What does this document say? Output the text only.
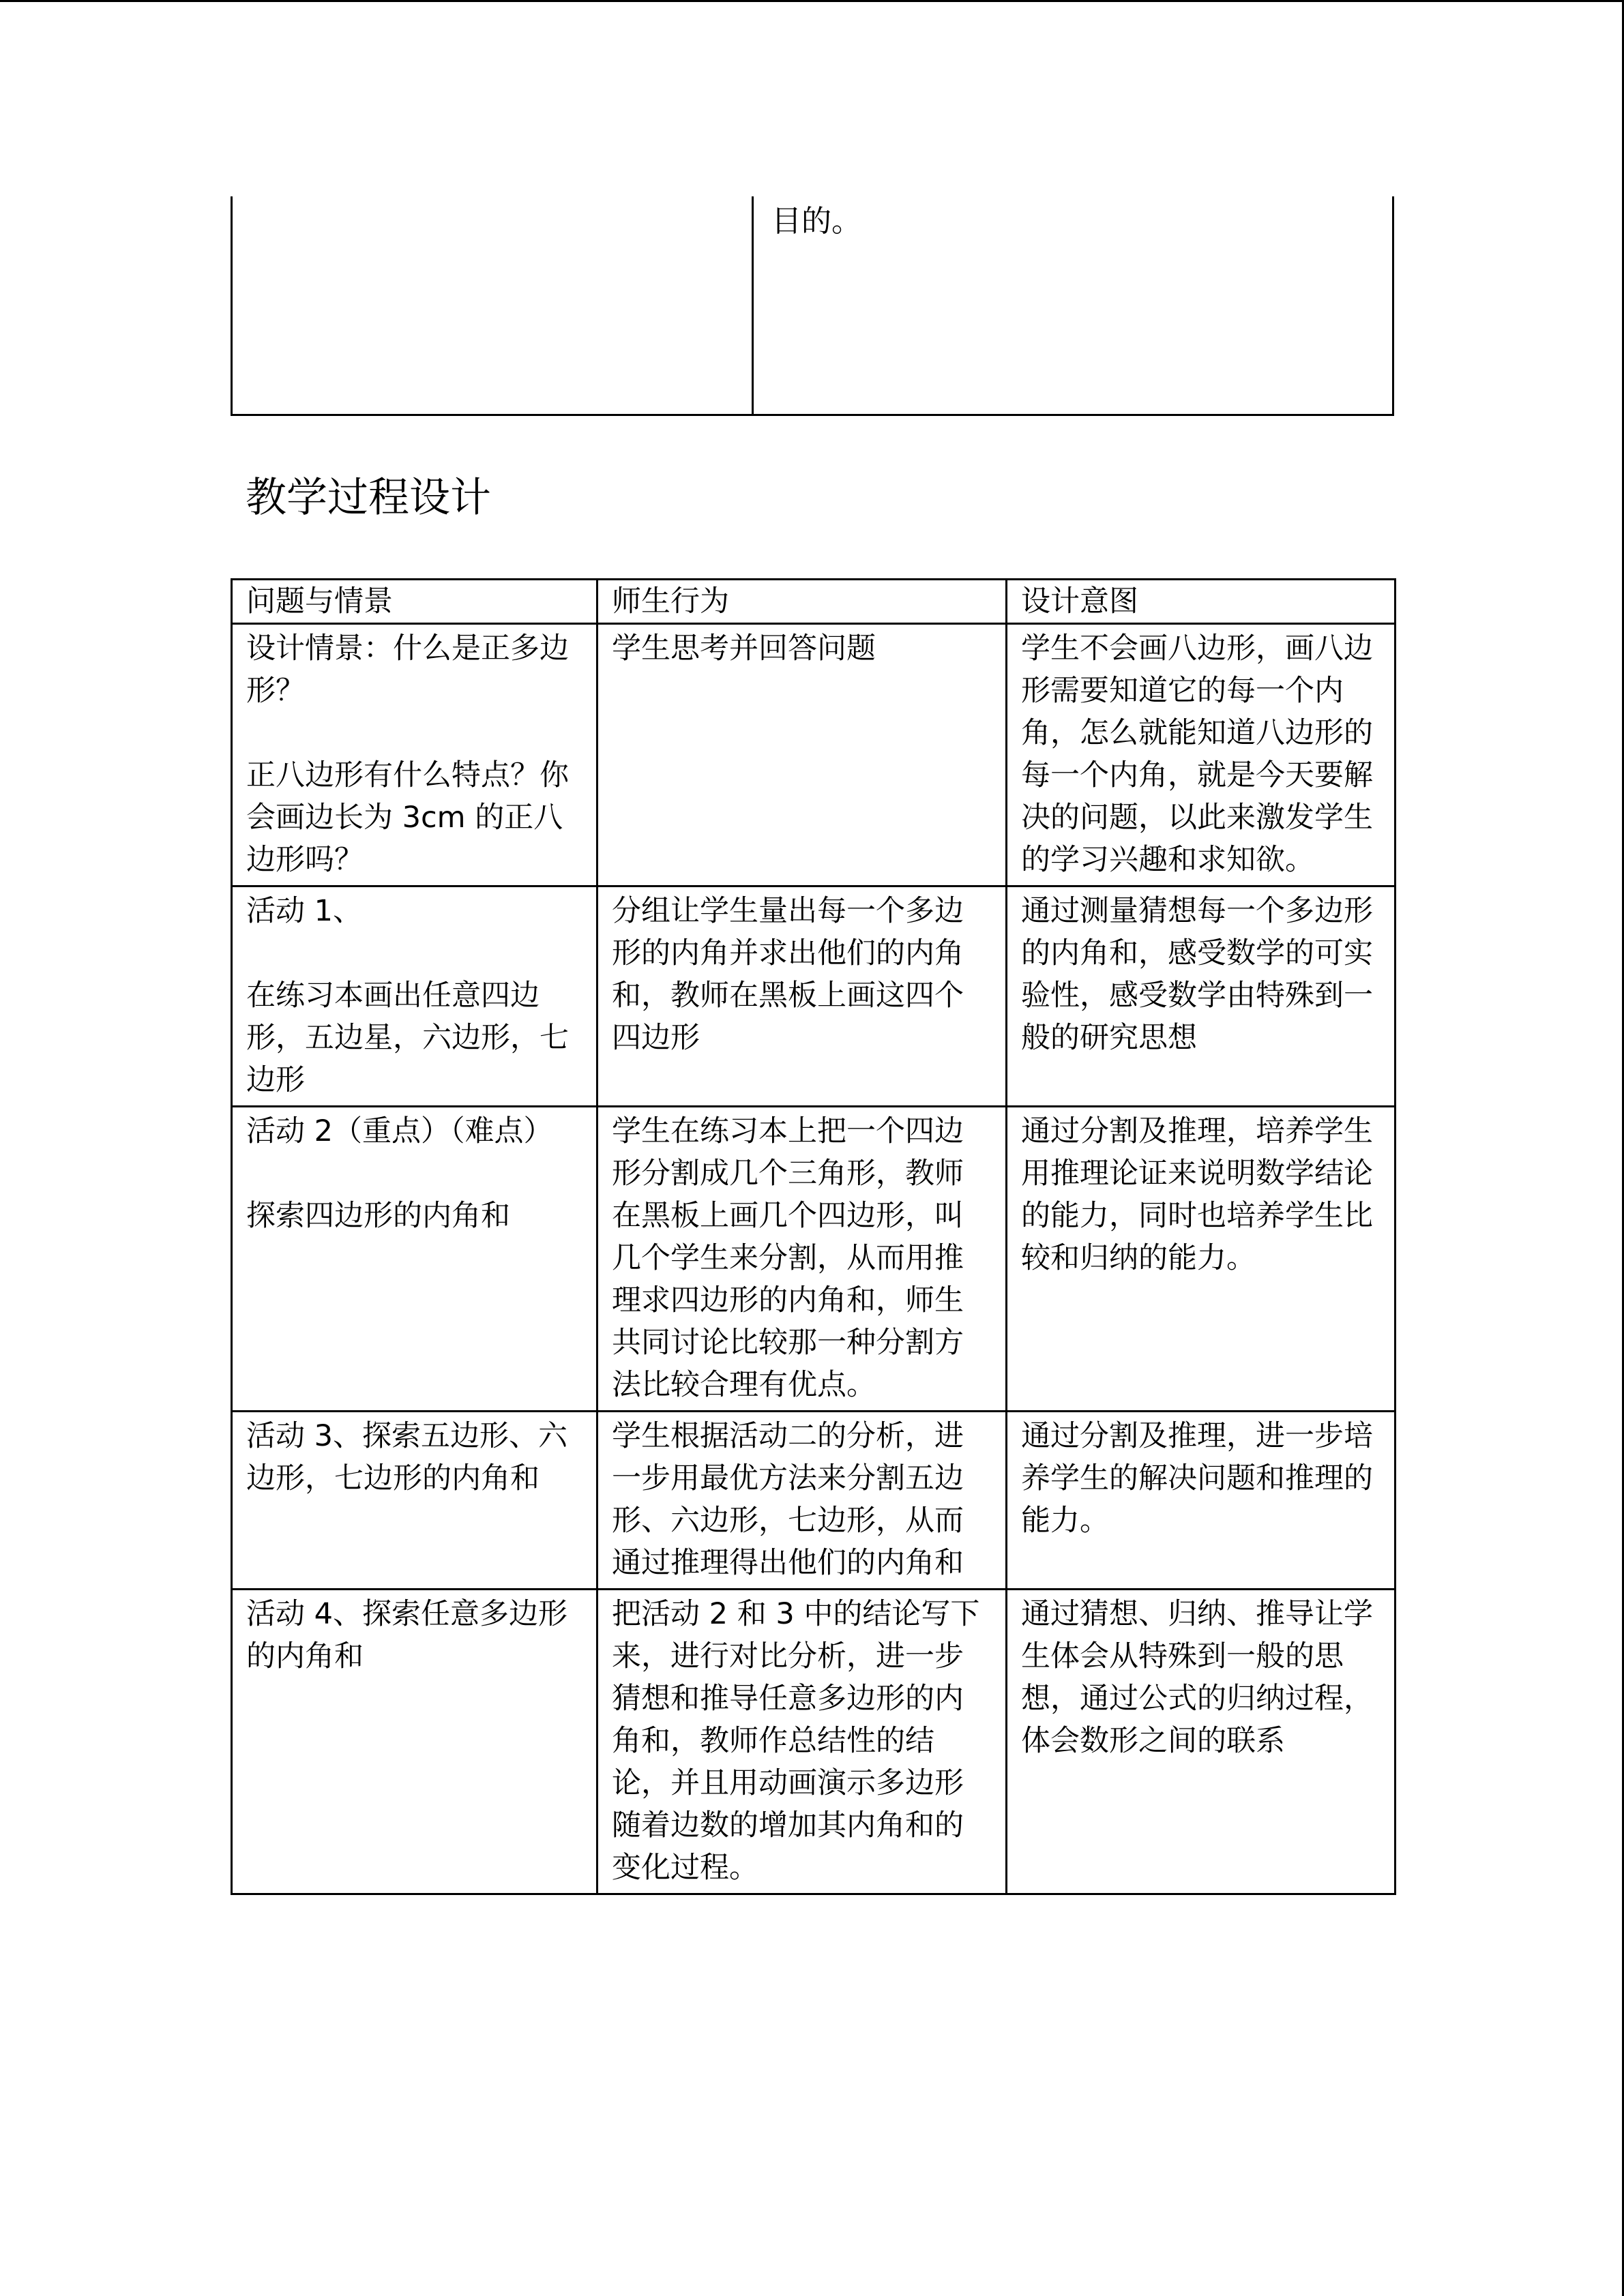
目的。
教学过程设计
问题与情景	师生行为	设计意图

设计情景：什么是正多边形？
正八边形有什么特点？你会画边长为 3cm 的正八边形吗？	学生思考并回答问题	学生不会画八边形，画八边形需要知道它的每一个内角，怎么就能知道八边形的每一个内角，就是今天要解决的问题，以此来激发学生的学习兴趣和求知欲。

活动 1、
在练习本画出任意四边形，五边星，六边形，七边形	分组让学生量出每一个多边形的内角并求出他们的内角和，教师在黑板上画这四个四边形	通过测量猜想每一个多边形的内角和，感受数学的可实验性，感受数学由特殊到一般的研究思想

活动 2（重点）（难点）
探索四边形的内角和	学生在练习本上把一个四边形分割成几个三角形，教师在黑板上画几个四边形，叫几个学生来分割，从而用推理求四边形的内角和，师生共同讨论比较那一种分割方法比较合理有优点。	通过分割及推理，培养学生用推理论证来说明数学结论的能力，同时也培养学生比较和归纳的能力。

活动 3、探索五边形、六边形，七边形的内角和	学生根据活动二的分析，进一步用最优方法来分割五边形、六边形，七边形，从而通过推理得出他们的内角和	通过分割及推理，进一步培养学生的解决问题和推理的能力。

活动 4、探索任意多边形的内角和	把活动 2 和 3 中的结论写下来，进行对比分析，进一步猜想和推导任意多边形的内角和，教师作总结性的结论，并且用动画演示多边形随着边数的增加其内角和的变化过程。	通过猜想、归纳、推导让学生体会从特殊到一般的思想，通过公式的归纳过程，体会数形之间的联系
